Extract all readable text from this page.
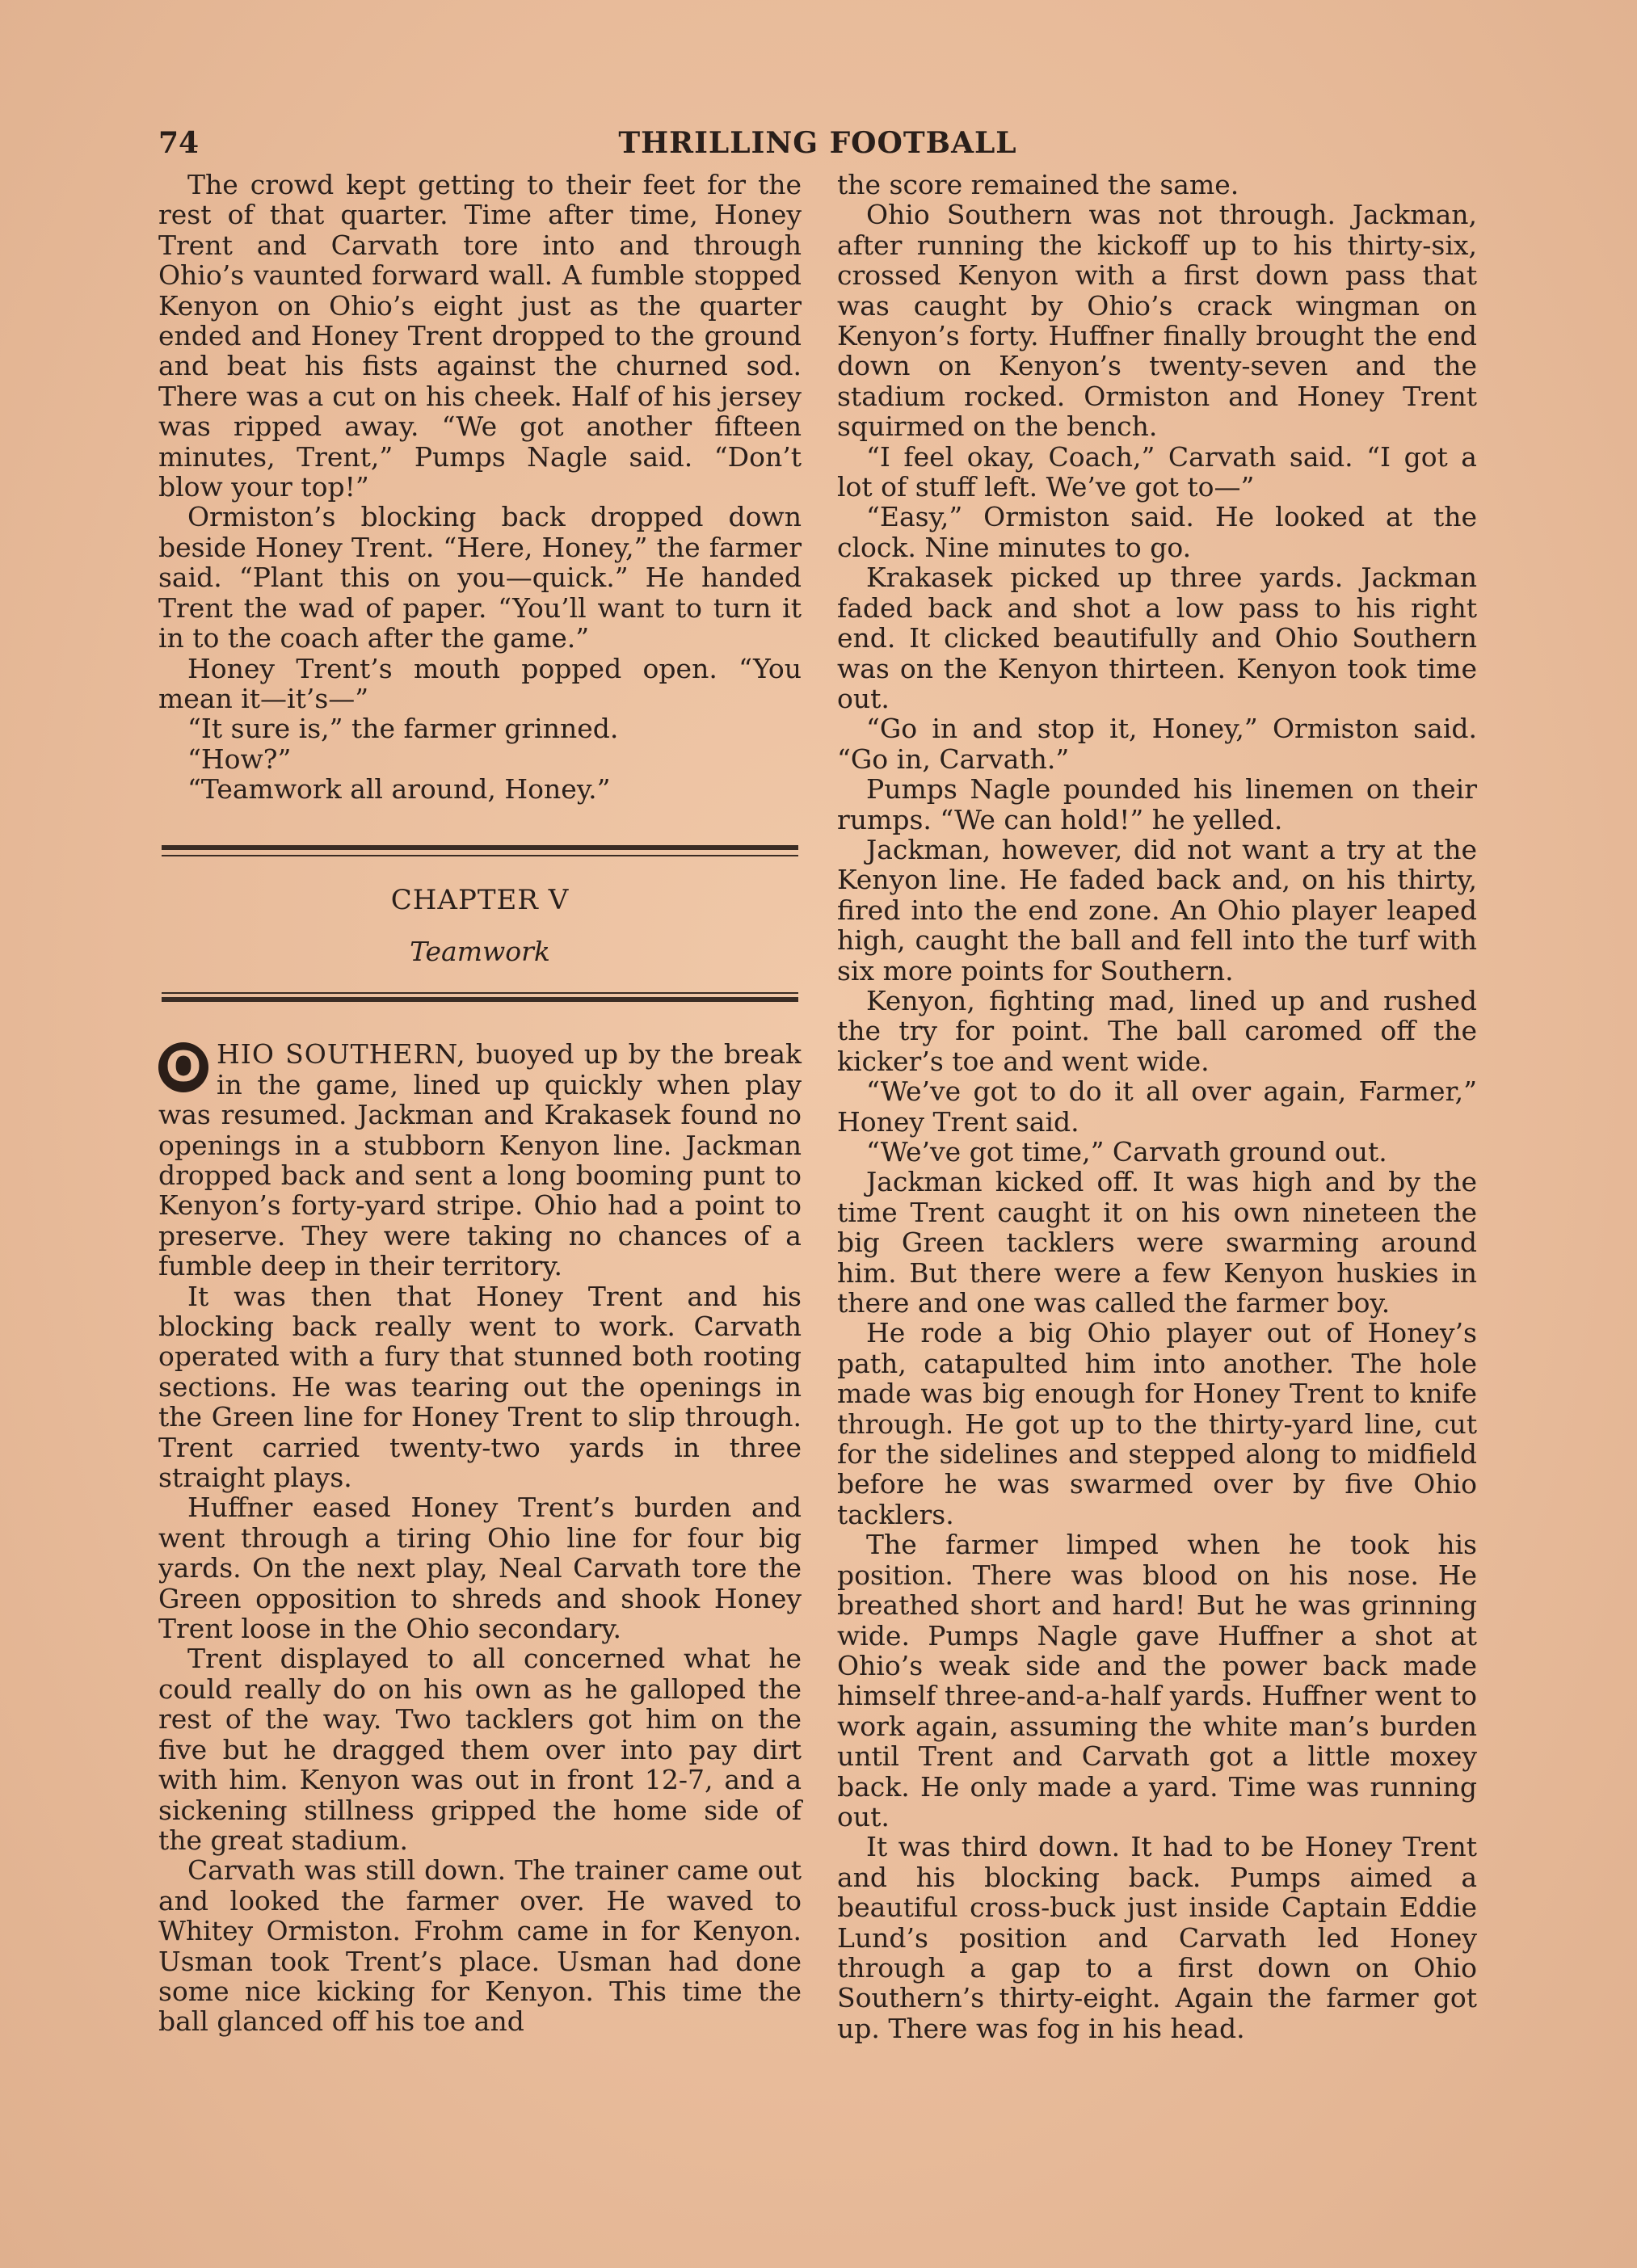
74	THRILLING FOOTBALL

The crowd kept getting to their feet for the rest of that quarter. Time after time, Honey Trent and Carvath tore into and through Ohio’s vaunted forward wall. A fumble stopped Kenyon on Ohio’s eight just as the quarter ended and Honey Trent dropped to the ground and beat his fists against the churned sod. There was a cut on his cheek. Half of his jersey was ripped away. “We got another fifteen minutes, Trent,” Pumps Nagle said. “Don’t blow your top!”

Ormiston’s blocking back dropped down beside Honey Trent. “Here, Honey,” the farmer said. “Plant this on you—quick.” He handed Trent the wad of paper. “You’ll want to turn it in to the coach after the game.”

Honey Trent’s mouth popped open. “You mean it—it’s—”

“It sure is,” the farmer grinned.

“How?”

“Teamwork all around, Honey.”

CHAPTER V
Teamwork

O HIO SOUTHERN, buoyed up by the break in the game, lined up quickly when play was resumed. Jackman and Krakasek found no openings in a stubborn Kenyon line. Jackman dropped back and sent a long booming punt to Kenyon’s forty-yard stripe. Ohio had a point to preserve. They were taking no chances of a fumble deep in their territory.

It was then that Honey Trent and his blocking back really went to work. Carvath operated with a fury that stunned both rooting sections. He was tearing out the openings in the Green line for Honey Trent to slip through. Trent carried twenty-two yards in three straight plays.

Huffner eased Honey Trent’s burden and went through a tiring Ohio line for four big yards. On the next play, Neal Carvath tore the Green opposition to shreds and shook Honey Trent loose in the Ohio secondary.

Trent displayed to all concerned what he could really do on his own as he galloped the rest of the way. Two tacklers got him on the five but he dragged them over into pay dirt with him. Kenyon was out in front 12-7, and a sickening stillness gripped the home side of the great stadium.

Carvath was still down. The trainer came out and looked the farmer over. He waved to Whitey Ormiston. Frohm came in for Kenyon. Usman took Trent’s place. Usman had done some nice kicking for Kenyon. This time the ball glanced off his toe and

the score remained the same.

Ohio Southern was not through. Jackman, after running the kickoff up to his thirty-six, crossed Kenyon with a first down pass that was caught by Ohio’s crack wingman on Kenyon’s forty. Huffner finally brought the end down on Kenyon’s twenty-seven and the stadium rocked. Ormiston and Honey Trent squirmed on the bench.

“I feel okay, Coach,” Carvath said. “I got a lot of stuff left. We’ve got to—”

“Easy,” Ormiston said. He looked at the clock. Nine minutes to go.

Krakasek picked up three yards. Jackman faded back and shot a low pass to his right end. It clicked beautifully and Ohio Southern was on the Kenyon thirteen. Kenyon took time out.

“Go in and stop it, Honey,” Ormiston said. “Go in, Carvath.”

Pumps Nagle pounded his linemen on their rumps. “We can hold!” he yelled.

Jackman, however, did not want a try at the Kenyon line. He faded back and, on his thirty, fired into the end zone. An Ohio player leaped high, caught the ball and fell into the turf with six more points for Southern.

Kenyon, fighting mad, lined up and rushed the try for point. The ball caromed off the kicker’s toe and went wide.

“We’ve got to do it all over again, Farmer,” Honey Trent said.

“We’ve got time,” Carvath ground out.

Jackman kicked off. It was high and by the time Trent caught it on his own nineteen the big Green tacklers were swarming around him. But there were a few Kenyon huskies in there and one was called the farmer boy.

He rode a big Ohio player out of Honey’s path, catapulted him into another. The hole made was big enough for Honey Trent to knife through. He got up to the thirty-yard line, cut for the sidelines and stepped along to midfield before he was swarmed over by five Ohio tacklers.

The farmer limped when he took his position. There was blood on his nose. He breathed short and hard! But he was grinning wide. Pumps Nagle gave Huffner a shot at Ohio’s weak side and the power back made himself three-and-a-half yards. Huffner went to work again, assuming the white man’s burden until Trent and Carvath got a little moxey back. He only made a yard. Time was running out.

It was third down. It had to be Honey Trent and his blocking back. Pumps aimed a beautiful cross-buck just inside Captain Eddie Lund’s position and Carvath led Honey through a gap to a first down on Ohio Southern’s thirty-eight. Again the farmer got up. There was fog in his head.
